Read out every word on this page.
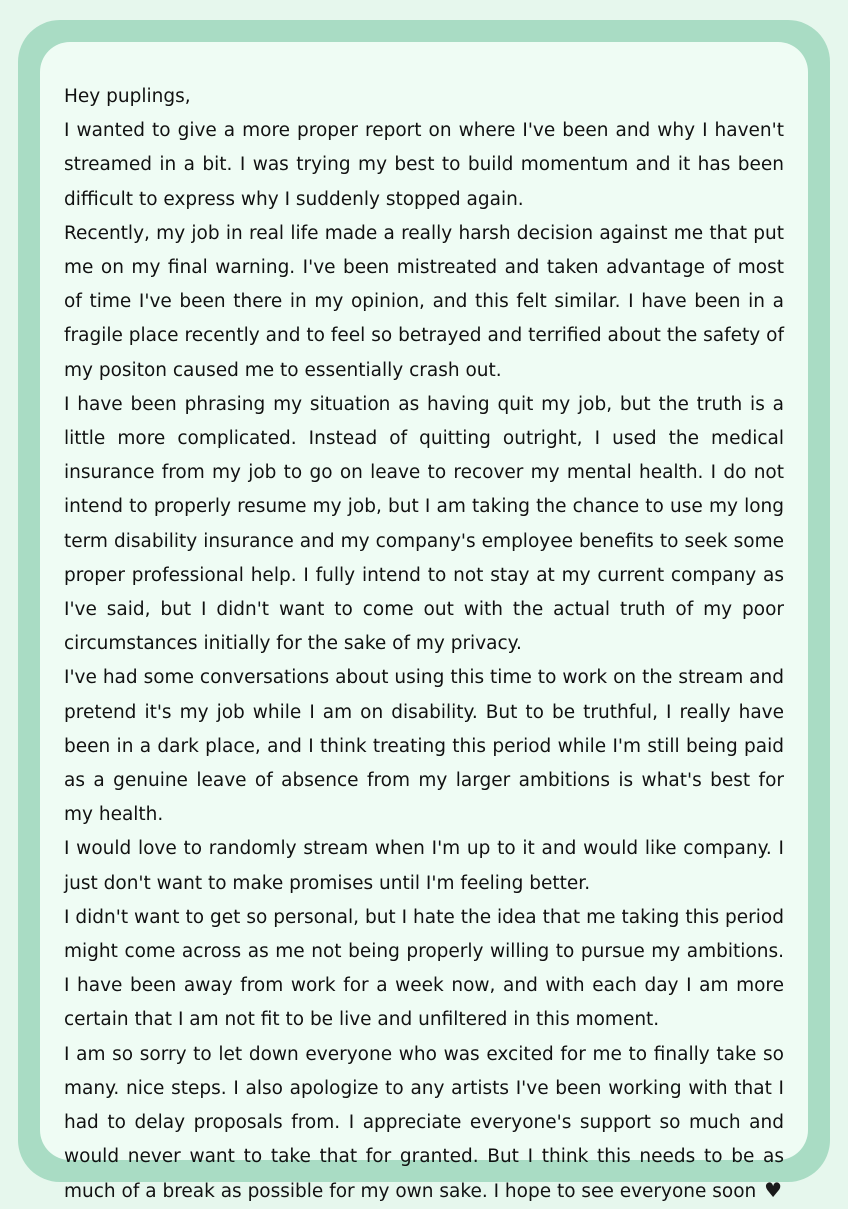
Hey puplings,

I wanted to give a more proper report on where I've been and why I haven't streamed in a bit. I was trying my best to build momentum and it has been difficult to express why I suddenly stopped again.

Recently, my job in real life made a really harsh decision against me that put me on my final warning. I've been mistreated and taken advantage of most of time I've been there in my opinion, and this felt similar. I have been in a fragile place recently and to feel so betrayed and terrified about the safety of my positon caused me to essentially crash out.

I have been phrasing my situation as having quit my job, but the truth is a little more complicated. Instead of quitting outright, I used the medical insurance from my job to go on leave to recover my mental health. I do not intend to properly resume my job, but I am taking the chance to use my long term disability insurance and my company's employee benefits to seek some proper professional help. I fully intend to not stay at my current company as I've said, but I didn't want to come out with the actual truth of my poor circumstances initially for the sake of my privacy.

I've had some conversations about using this time to work on the stream and pretend it's my job while I am on disability. But to be truthful, I really have been in a dark place, and I think treating this period while I'm still being paid as a genuine leave of absence from my larger ambitions is what's best for my health.

I would love to randomly stream when I'm up to it and would like company. I just don't want to make promises until I'm feeling better.

I didn't want to get so personal, but I hate the idea that me taking this period might come across as me not being properly willing to pursue my ambitions. I have been away from work for a week now, and with each day I am more certain that I am not fit to be live and unfiltered in this moment.

I am so sorry to let down everyone who was excited for me to finally take so many. nice steps. I also apologize to any artists I've been working with that I had to delay proposals from. I appreciate everyone's support so much and would never want to take that for granted. But I think this needs to be as much of a break as possible for my own sake. I hope to see everyone soon ♥
